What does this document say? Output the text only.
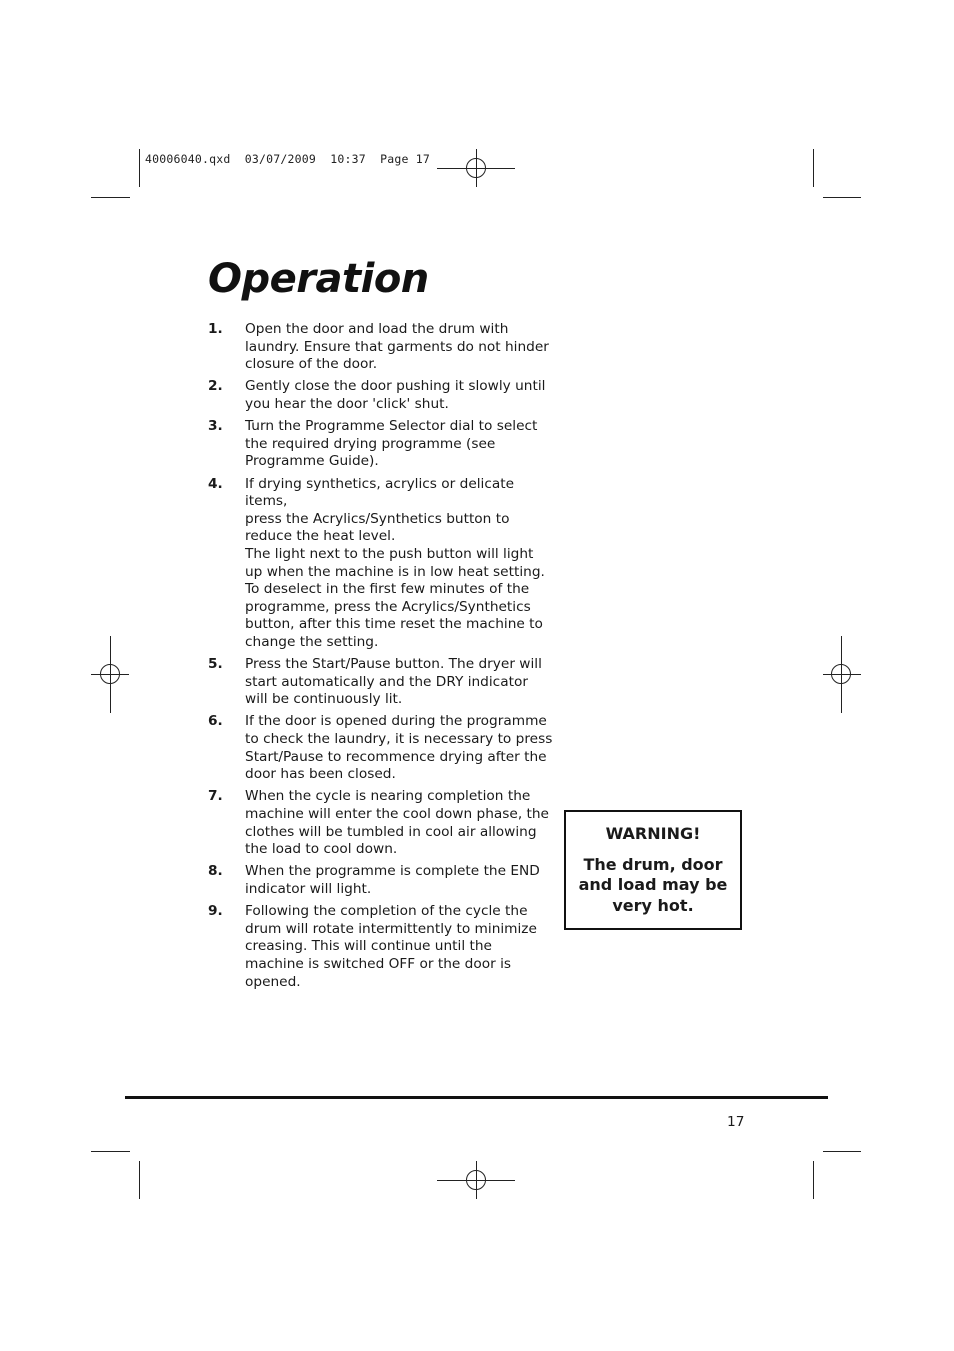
40006040.qxd  03/07/2009  10:37  Page 17
Operation
1.	Open the door and load the drum with
laundry. Ensure that garments do not hinder
closure of the door.
2.	Gently close the door pushing it slowly until
you hear the door 'click' shut.
3.	Turn the Programme Selector dial to select
the required drying programme (see
Programme Guide).
4.	If drying synthetics, acrylics or delicate items,
press the Acrylics/Synthetics button to
reduce the heat level.
The light next to the push button will light
up when the machine is in low heat setting.
To deselect in the first few minutes of the
programme, press the Acrylics/Synthetics
button, after this time reset the machine to
change the setting.
5.	Press the Start/Pause button. The dryer will
start automatically and the DRY indicator
will be continuously lit.
6.	If the door is opened during the programme
to check the laundry, it is necessary to press
Start/Pause to recommence drying after the
door has been closed.
7.	When the cycle is nearing completion the
machine will enter the cool down phase, the
clothes will be tumbled in cool air allowing
the load to cool down.
8.	When the programme is complete the END
indicator will light.
9.	Following the completion of the cycle the
drum will rotate intermittently to minimize
creasing. This will continue until the
machine is switched OFF or the door is
opened.
WARNING!
The drum, door and load may be very hot.
17
